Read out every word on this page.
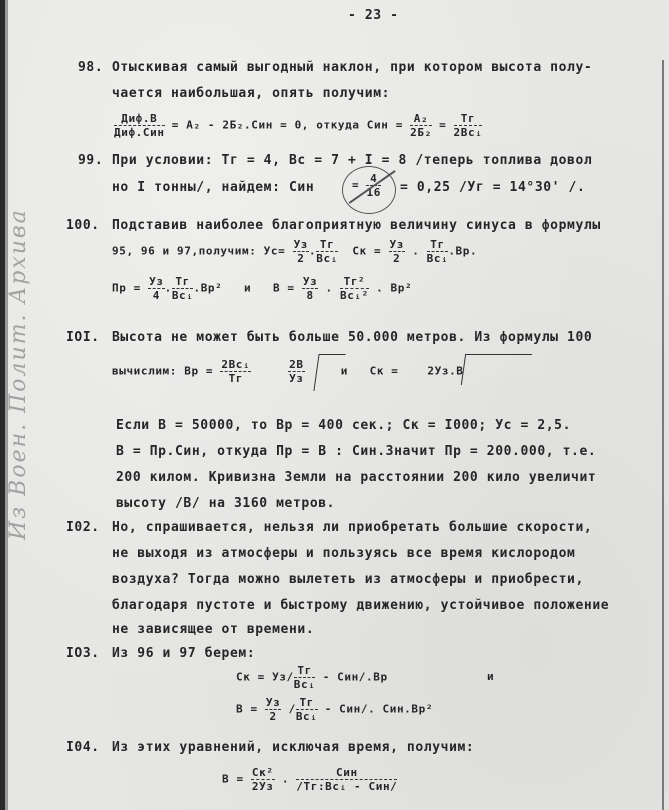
Из Воен. Полит. Архива
- 23 -
98. Отыскивая самый выгодный наклон, при котором высота полу-
чается наибольшая, опять получим:
$\frac{\text{Диф.В}}{\text{Диф.Син}} = A_2 - 2Б_2.Син = 0$, откуда Син = $\frac{\text{A₂}}{\text{2Б₂}} = \frac{Tг}{\text{2Bcᵢ}}$
99. При условии: Tг = 4, Bc = 7 + I = 8 /теперь топлива довол
но I тонны/, найдем: Син	= $\frac{4}{16} = 0,25$ /Уг = 14°30' /.
100. Подставив наиболее благоприятную величину синуса в формулы
95, 96 и 97,получим: $Ус= \frac{Уз}{2}$ . $\frac{Tг}{\text{Bcᵢ}}$ Cк = $\frac{Уз}{2}$ . $\frac{Tг}{\text{Bcᵢ}} .Вр$.
Пр = $\frac{Уз}{4}$ . $\frac{Tг}{\text{Bcᵢ}} .Вр^2$ и $B = \frac{Уз}{8}$ . $\frac{\text{Tг²}}{\text{Bcᵢ²}}$ . Вр²
IOI. Высота не может быть больше 50.000 метров. Из формулы 100
вычислим: Вр = $\frac{\text{2Bcᵢ}}{Tг}$
	$\frac{2B}{Уз}$	и Cк =	2Уз.B
Если B = 50000, то Вр = 400 сек.; Cк = I000; Ус = 2,5.
B = Пр.Син, откуда Пр = B : Син.Значит Пр = 200.000, т.е.
200 килом. Кривизна Земли на расстоянии 200 кило увеличит
высоту /B/ на 3160 метров.
I02. Но, спрашивается, нельзя ли приобретать большие скорости,
не выходя из атмосферы и пользуясь все время кислородом
воздуха? Тогда можно вылететь из атмосферы и приобрести,
благодаря пустоте и быстрому движению, устойчивое положение
не зависящее от времени.
IO3. Из 96 и 97 берем:
Cк = $Уз/ \frac{Tг}{\text{Bcᵢ}} - Син/.Вр$	и
$B = \frac{Уз}{2} / \frac{Tг}{\text{Bcᵢ}} - Син/$. Син.Вр²
I04. Из этих уравнений, исключая время, получим:
$B = \frac{\text{Cк²}}{2Уз}$ . $\frac{\text{Син}}{\text{/Tг:Bcᵢ - Син/}}$
